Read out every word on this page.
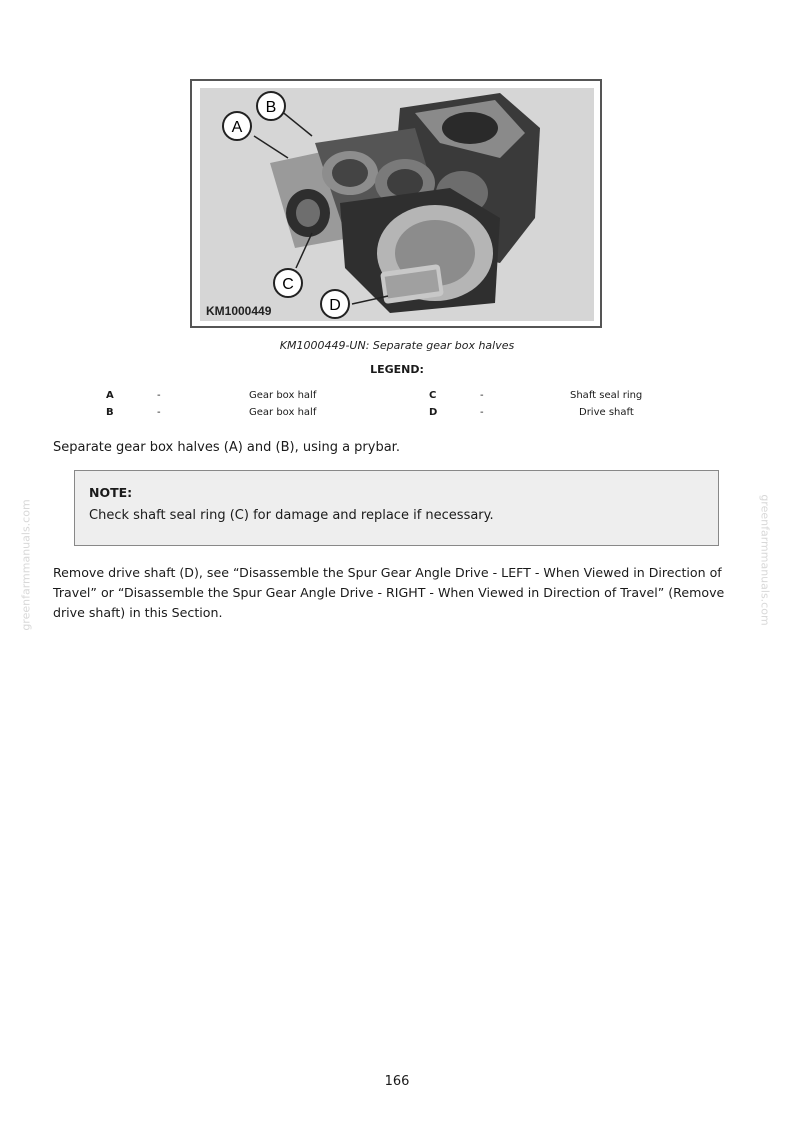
A
B
C
D
KM1000449
KM1000449-UN: Separate gear box halves
LEGEND:
A	-	Gear box half	C	-	Shaft seal ring
B	-	Gear box half	D	-	Drive shaft
Separate gear box halves (A) and (B), using a prybar.
NOTE:
Check shaft seal ring (C) for damage and replace if necessary.
Remove drive shaft (D), see “Disassemble the Spur Gear Angle Drive - LEFT - When Viewed in Direction of
Travel” or “Disassemble the Spur Gear Angle Drive - RIGHT - When Viewed in Direction of Travel” (Remove
drive shaft) in this Section.
greenfarmmanuals.com	greenfarmmanuals.com
166
